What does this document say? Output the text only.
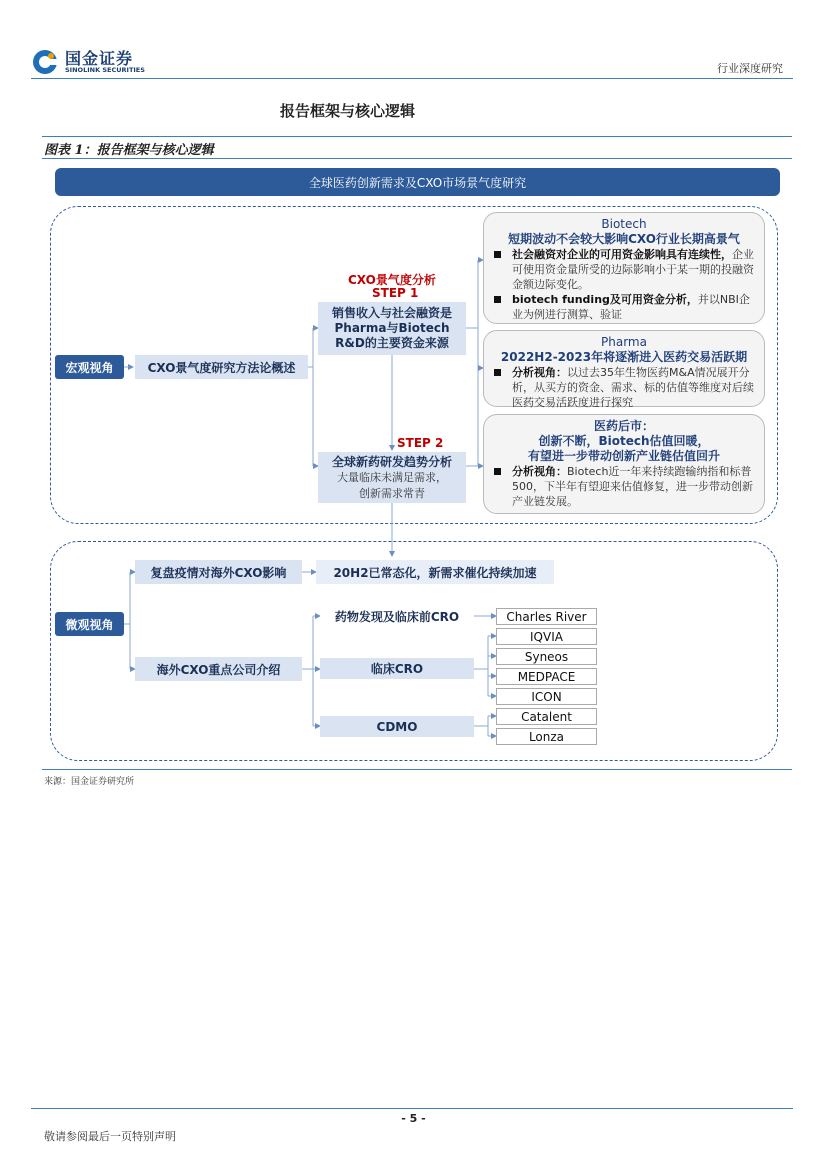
国金证券
SINOLINK SECURITIES	行业深度研究
报告框架与核心逻辑
图表 1：报告框架与核心逻辑
全球医药创新需求及CXO市场景气度研究
宏观视角	CXO景气度研究方法论概述
CXO景气度分析
STEP 1
销售收入与社会融资是
Pharma与Biotech
R&D的主要资金来源
STEP 2
全球新药研发趋势分析
大量临床未满足需求，
创新需求常青
Biotech
短期波动不会较大影响CXO行业长期高景气
社会融资对企业的可用资金影响具有连续性，企业可使用资金量所受的边际影响小于某一期的投融资金额边际变化。
biotech funding及可用资金分析，并以NBI企业为例进行测算、验证
Pharma
2022H2-2023年将逐渐进入医药交易活跃期
分析视角：以过去35年生物医药M&A情况展开分析，从买方的资金、需求、标的估值等维度对后续医药交易活跃度进行探究
医药后市：
创新不断，Biotech估值回暖，
有望进一步带动创新产业链估值回升
分析视角：Biotech近一年来持续跑输纳指和标普500，下半年有望迎来估值修复，进一步带动创新产业链发展。
微观视角
复盘疫情对海外CXO影响	20H2已常态化，新需求催化持续加速
海外CXO重点公司介绍
药物发现及临床前CRO
临床CRO
CDMO
Charles River
IQVIA
Syneos
MEDPACE
ICON
Catalent
Lonza
来源：国金证券研究所
- 5 -
敬请参阅最后一页特别声明
